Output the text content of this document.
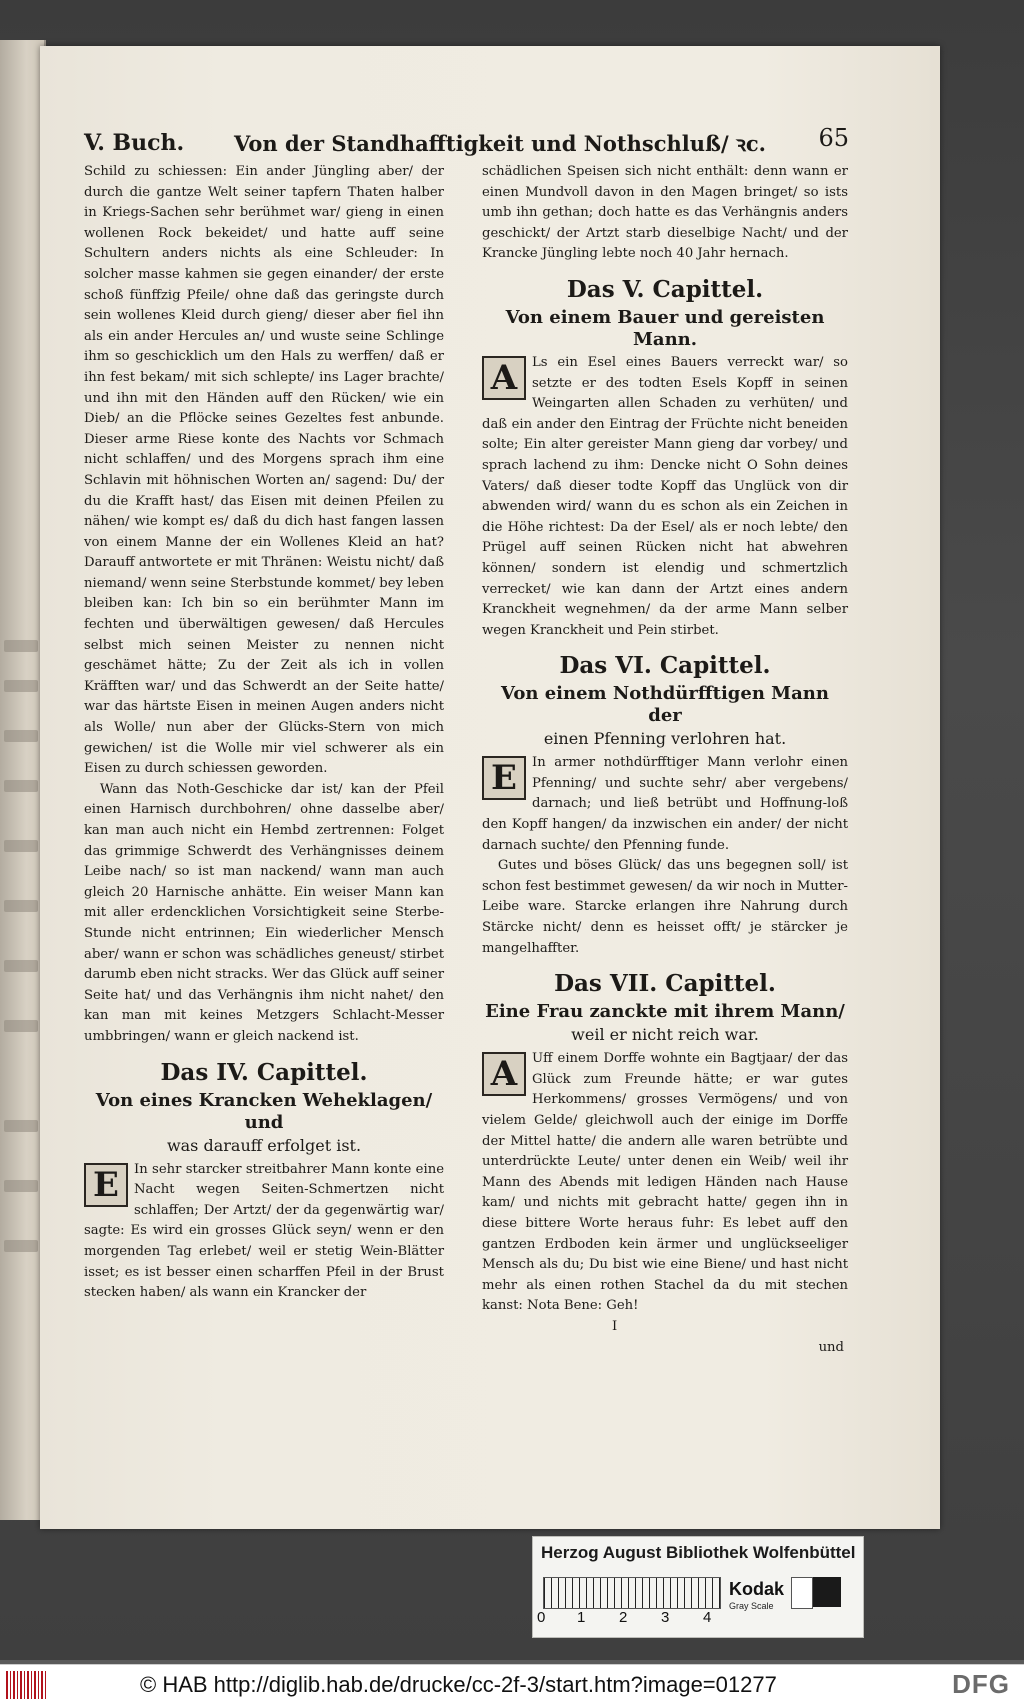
V. Buch. Von der Standhafftigkeit und Nothschluß/ ꝛc. 65

Schild zu schiessen: Ein ander Jüngling aber/ der durch die gantze Welt seiner tapfern Thaten halber in Kriegs-Sachen sehr berühmet war/ gieng in einen wollenen Rock bekeidet/ und hatte auff seine Schultern anders nichts als eine Schleuder: In solcher masse kahmen sie gegen einander/ der erste schoß fünffzig Pfeile/ ohne daß das geringste durch sein wollenes Kleid durch gieng/ dieser aber fiel ihn als ein ander Hercules an/ und wuste seine Schlinge ihm so geschicklich um den Hals zu werffen/ daß er ihn fest bekam/ mit sich schlepte/ ins Lager brachte/ und ihn mit den Händen auff den Rücken/ wie ein Dieb/ an die Pflöcke seines Gezeltes fest anbunde. Dieser arme Riese konte des Nachts vor Schmach nicht schlaffen/ und des Morgens sprach ihm eine Schlavin mit höhnischen Worten an/ sagend: Du/ der du die Krafft hast/ das Eisen mit deinen Pfeilen zu nähen/ wie kompt es/ daß du dich hast fangen lassen von einem Manne der ein Wollenes Kleid an hat? Darauff antwortete er mit Thränen: Weistu nicht/ daß niemand/ wenn seine Sterbstunde kommet/ bey leben bleiben kan: Ich bin so ein berühmter Mann im fechten und überwältigen gewesen/ daß Hercules selbst mich seinen Meister zu nennen nicht geschämet hätte; Zu der Zeit als ich in vollen Kräfften war/ und das Schwerdt an der Seite hatte/ war das härtste Eisen in meinen Augen anders nicht als Wolle/ nun aber der Glücks-Stern von mich gewichen/ ist die Wolle mir viel schwerer als ein Eisen zu durch schiessen geworden.

Wann das Noth-Geschicke dar ist/ kan der Pfeil einen Harnisch durchbohren/ ohne dasselbe aber/ kan man auch nicht ein Hembd zertrennen: Folget das grimmige Schwerdt des Verhängnisses deinem Leibe nach/ so ist man nackend/ wann man auch gleich 20 Harnische anhätte. Ein weiser Mann kan mit aller erdencklichen Vorsichtigkeit seine Sterbe-Stunde nicht entrinnen; Ein wiederlicher Mensch aber/ wann er schon was schädliches geneust/ stirbet darumb eben nicht stracks. Wer das Glück auff seiner Seite hat/ und das Verhängnis ihm nicht nahet/ den kan man mit keines Metzgers Schlacht-Messer umbbringen/ wann er gleich nackend ist.

Das IV. Capittel.
Von eines Krancken Weheklagen/ und
was darauff erfolget ist.

E	In sehr starcker streitbahrer Mann konte eine Nacht wegen Seiten-Schmertzen nicht schlaffen; Der Artzt/ der da gegenwärtig war/ sagte: Es wird ein grosses Glück seyn/ wenn er den morgenden Tag erlebet/ weil er stetig Wein-Blätter isset; es ist besser einen scharffen Pfeil in der Brust stecken haben/ als wann ein Krancker der

schädlichen Speisen sich nicht enthält: denn wann er einen Mundvoll davon in den Magen bringet/ so ists umb ihn gethan; doch hatte es das Verhängnis anders geschickt/ der Artzt starb dieselbige Nacht/ und der Krancke Jüngling lebte noch 40 Jahr hernach.

Das V. Capittel.
Von einem Bauer und gereisten Mann.

A	Ls ein Esel eines Bauers verreckt war/ so setzte er des todten Esels Kopff in seinen Weingarten allen Schaden zu verhüten/ und daß ein ander den Eintrag der Früchte nicht beneiden solte; Ein alter gereister Mann gieng dar vorbey/ und sprach lachend zu ihm: Dencke nicht O Sohn deines Vaters/ daß dieser todte Kopff das Unglück von dir abwenden wird/ wann du es schon als ein Zeichen in die Höhe richtest: Da der Esel/ als er noch lebte/ den Prügel auff seinen Rücken nicht hat abwehren können/ sondern ist elendig und schmertzlich verrecket/ wie kan dann der Artzt eines andern Kranckheit wegnehmen/ da der arme Mann selber wegen Kranckheit und Pein stirbet.

Das VI. Capittel.
Von einem Nothdürfftigen Mann der
einen Pfenning verlohren hat.

E	In armer nothdürfftiger Mann verlohr einen Pfenning/ und suchte sehr/ aber vergebens/ darnach; und ließ betrübt und Hoffnung-loß den Kopff hangen/ da inzwischen ein ander/ der nicht darnach suchte/ den Pfenning funde.

Gutes und böses Glück/ das uns begegnen soll/ ist schon fest bestimmet gewesen/ da wir noch in Mutter-Leibe ware. Starcke erlangen ihre Nahrung durch Stärcke nicht/ denn es heisset offt/ je stärcker je mangelhaffter.

Das VII. Capittel.
Eine Frau zanckte mit ihrem Mann/
weil er nicht reich war.

A	Uff einem Dorffe wohnte ein Bagtjaar/ der das Glück zum Freunde hätte; er war gutes Herkommens/ grosses Vermögens/ und von vielem Gelde/ gleichwoll auch der einige im Dorffe der Mittel hatte/ die andern alle waren betrübte und unterdrückte Leute/ unter denen ein Weib/ weil ihr Mann des Abends mit ledigen Händen nach Hause kam/ und nichts mit gebracht hatte/ gegen ihn in diese bittere Worte heraus fuhr: Es lebet auff den gantzen Erdboden kein ärmer und unglückseeliger Mensch als du; Du bist wie eine Biene/ und hast nicht mehr als einen rothen Stachel da du mit stechen kanst: Nota Bene: Geh!

I
und
Herzog August Bibliothek Wolfenbüttel
0 1 2 3 4
Kodak
Gray Scale
© HAB http://diglib.hab.de/drucke/cc-2f-3/start.htm?image=01277	DFG
